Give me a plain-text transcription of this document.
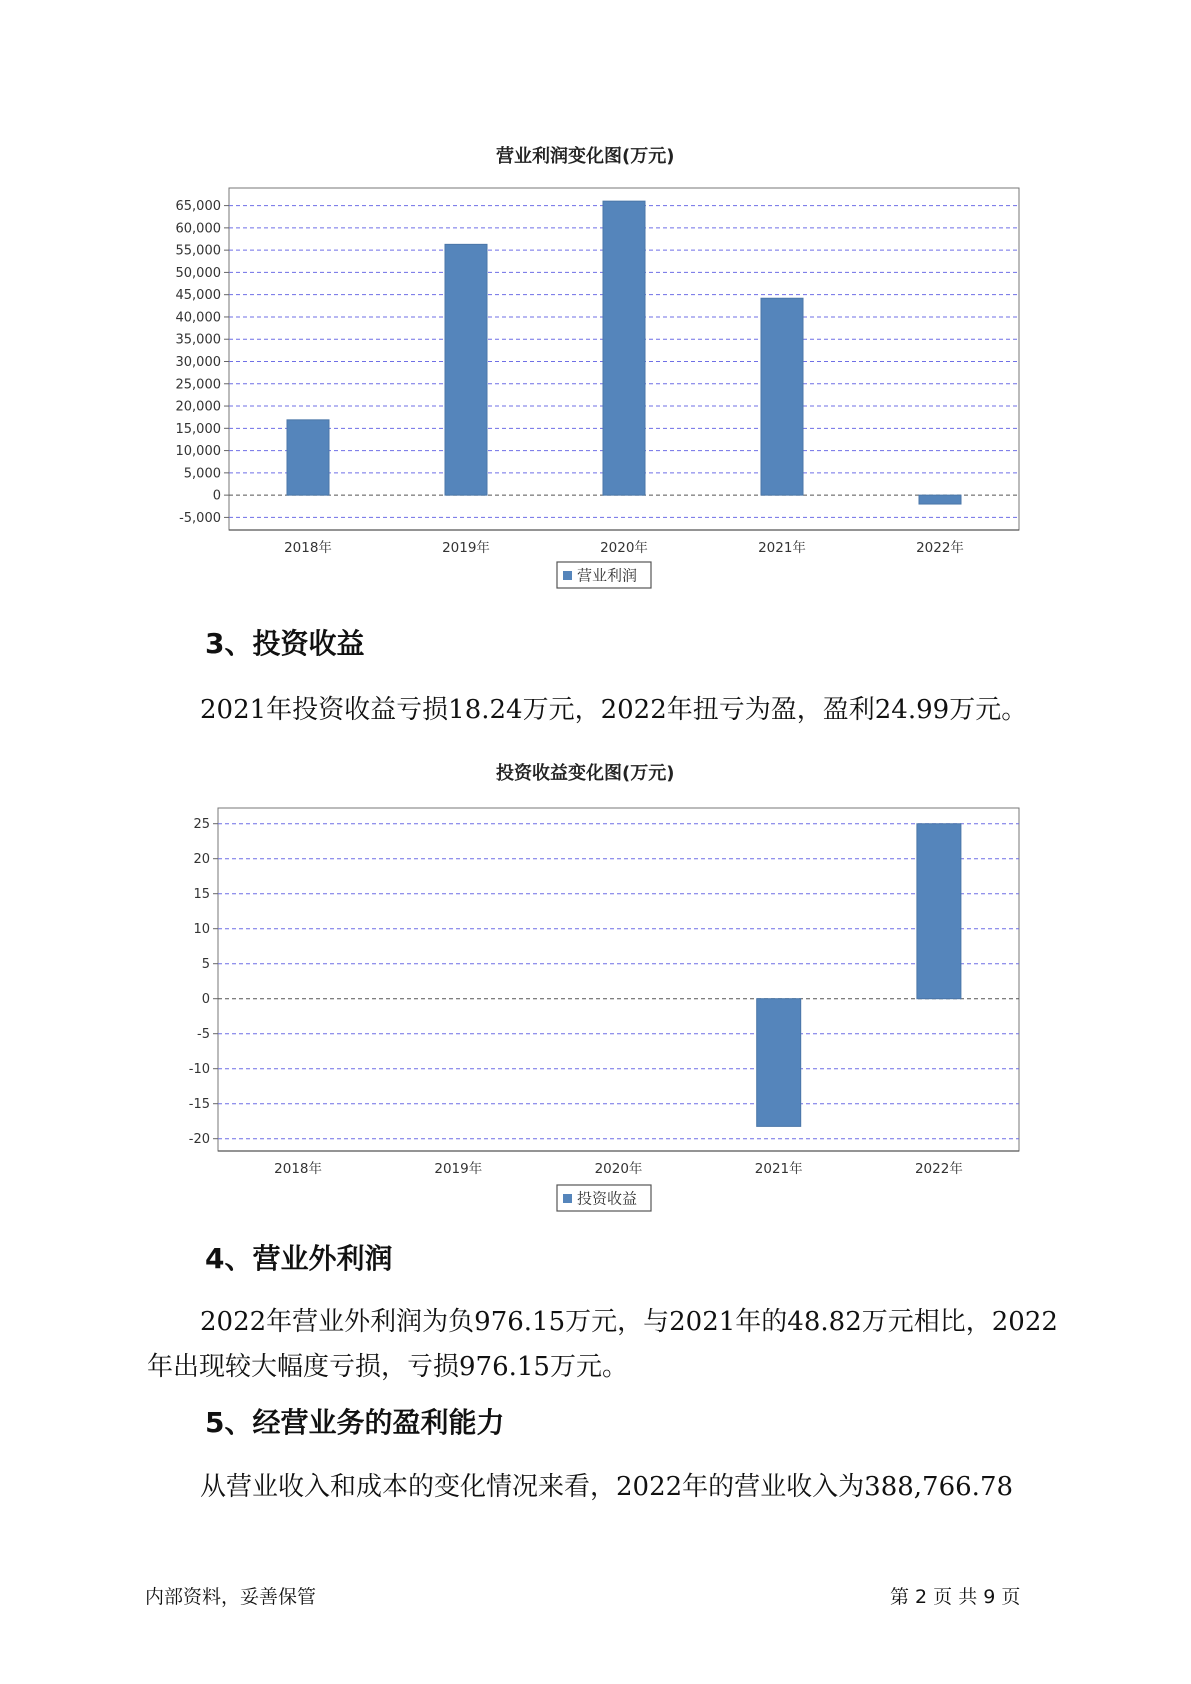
营业利润变化图(万元)
-5,000
0
5,000
10,000
15,000
20,000
25,000
30,000
35,000
40,000
45,000
50,000
55,000
60,000
65,000
2018年	2019年	2020年	2021年	2022年
营业利润
3、投资收益

2021年投资收益亏损18.24万元，2022年扭亏为盈，盈利24.99万元。

投资收益变化图(万元)
-20
-15
-10
-5
0
5
10
15
20
25
2018年	2019年	2020年	2021年	2022年
投资收益
4、营业外利润

2022年营业外利润为负976.15万元，与2021年的48.82万元相比，2022

年出现较大幅度亏损，亏损976.15万元。

5、经营业务的盈利能力

从营业收入和成本的变化情况来看，2022年的营业收入为388,766.78

内部资料，妥善保管	第 2 页 共 9 页
